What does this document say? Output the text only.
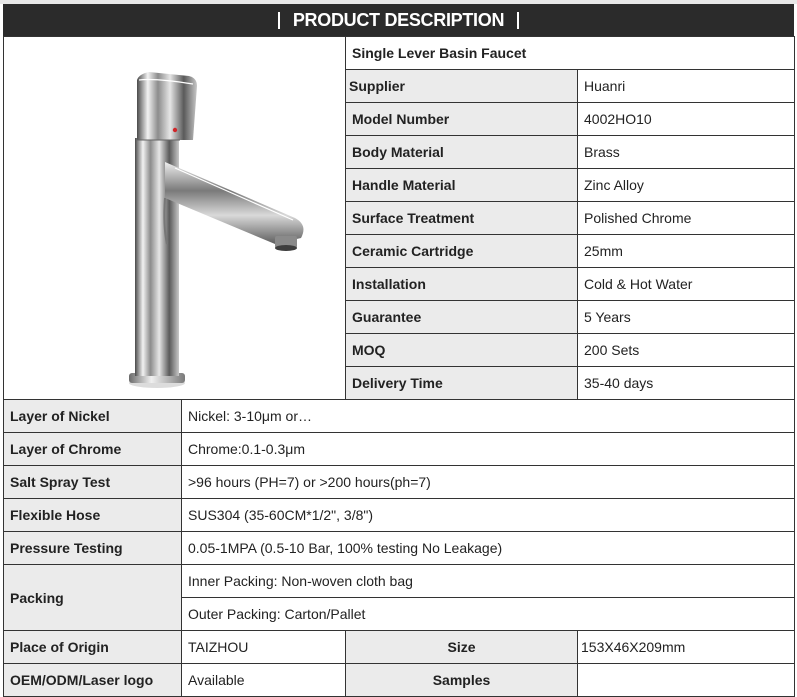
PRODUCT DESCRIPTION
	Single Lever Basin Faucet	
		Supplier	Huanri
		Model Number	4002HO10
		Body Material	Brass
		Handle Material	Zinc Alloy
		Surface Treatment	Polished Chrome
		Ceramic Cartridge	25mm
		Installation	Cold & Hot Water
		Guarantee	5 Years
		MOQ	200 Sets
		Delivery Time	35-40 days
Layer of Nickel	Nickel: 3-10μm or…		
Layer of Chrome	Chrome:0.1-0.3μm		
Salt Spray Test	>96 hours (PH=7) or >200 hours(ph=7)		
Flexible Hose	SUS304 (35-60CM*1/2", 3/8")		
Pressure Testing	0.05-1MPA (0.5-10 Bar, 100% testing No Leakage)		
Packing	Inner Packing: Non-woven cloth bag		
	Outer Packing: Carton/Pallet		
Place of Origin	TAIZHOU	Size	153X46X209mm
OEM/ODM/Laser logo	Available	Samples	
